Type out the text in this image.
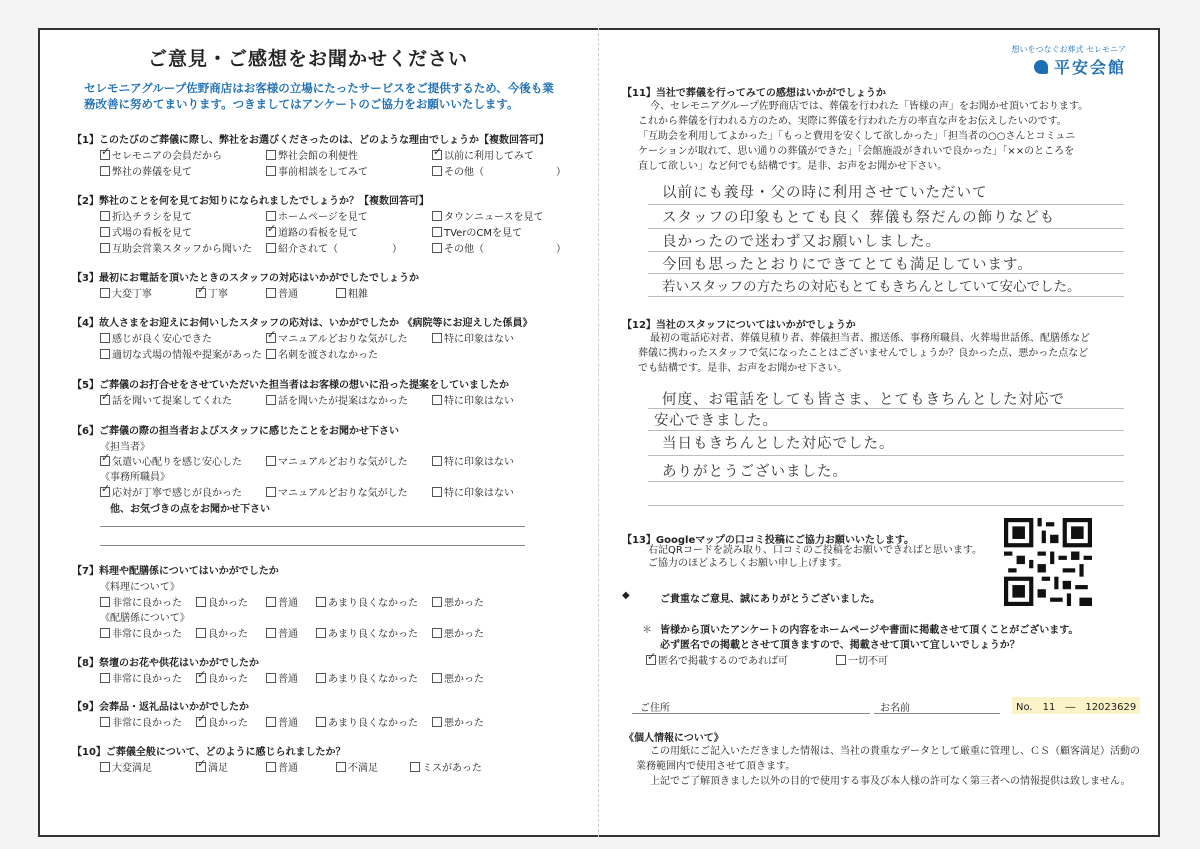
ご意見・ご感想をお聞かせください
セレモニアグループ佐野商店はお客様の立場にたったサービスをご提供するため、今後も業務改善に努めてまいります。つきましてはアンケートのご協力をお願いいたします。
【1】このたびのご葬儀に際し、弊社をお選びくださったのは、どのような理由でしょうか【複数回答可】
✓セレモニアの会員だから	弊社会館の利便性 ✓	以前に利用してみて
弊社の葬儀を見て	事前相談をしてみて	その他（	）
【2】弊社のことを何を見てお知りになられましたでしょうか？【複数回答可】
折込チラシを見て	ホームページを見て	タウンニュースを見て
式場の看板を見て ✓	道路の看板を見て	TVerのCMを見て
互助会営業スタッフから聞いた	紹介されて（	）	その他（	）
【3】最初にお電話を頂いたときのスタッフの対応はいかがでしたでしょうか
大変丁寧 ✓	丁寧	普通	粗雑
【4】故人さまをお迎えにお伺いしたスタッフの応対は、いかがでしたか 《病院等にお迎えした係員》
感じが良く安心できた ✓	マニュアルどおりな気がした	特に印象はない
適切な式場の情報や提案があった	名刺を渡されなかった
【5】ご葬儀のお打合せをさせていただいた担当者はお客様の想いに沿った提案をしていましたか
✓話を聞いて提案してくれた	話を聞いたが提案はなかった	特に印象はない
【6】ご葬儀の際の担当者およびスタッフに感じたことをお聞かせ下さい
《担当者》
✓気遣い心配りを感じ安心した	マニュアルどおりな気がした	特に印象はない
《事務所職員》
✓応対が丁寧で感じが良かった	マニュアルどおりな気がした	特に印象はない
他、お気づきの点をお聞かせ下さい
【7】料理や配膳係についてはいかがでしたか
《料理について》
非常に良かった	良かった	普通	あまり良くなかった	悪かった
《配膳係について》
非常に良かった	良かった	普通	あまり良くなかった	悪かった
【8】祭壇のお花や供花はいかがでしたか
非常に良かった ✓	良かった	普通	あまり良くなかった	悪かった
【9】会葬品・返礼品はいかがでしたか
非常に良かった ✓	良かった	普通	あまり良くなかった	悪かった
【10】ご葬儀全般について、どのように感じられましたか？
大変満足 ✓	満足	普通	不満足	ミスがあった
想いをつなぐお葬式 セレモニア
平安会館
【11】当社で葬儀を行ってみての感想はいかがでしょうか
今、セレモニアグループ佐野商店では、葬儀を行われた「皆様の声」をお聞かせ頂いております。
これから葬儀を行われる方のため、実際に葬儀を行われた方の率直な声をお伝えしたいのです。
「互助会を利用してよかった」「もっと費用を安くして欲しかった」「担当者の○○さんとコミュニ
ケーションが取れて、思い通りの葬儀ができた」「会館施設がきれいで良かった」「××のところを
直して欲しい」など何でも結構です。是非、お声をお聞かせ下さい。
以前にも義母・父の時に利用させていただいて
スタッフの印象もとても良く 葬儀も祭だんの飾りなども
良かったので迷わず又お願いしました。
今回も思ったとおりにできてとても満足しています。
若いスタッフの方たちの対応もとてもきちんとしていて安心でした。
【12】当社のスタッフについてはいかがでしょうか
最初の電話応対者、葬儀見積り者、葬儀担当者、搬送係、事務所職員、火葬場世話係、配膳係など
葬儀に携わったスタッフで気になったことはございませんでしょうか？良かった点、悪かった点など
でも結構です。是非、お声をお聞かせ下さい。
何度、お電話をしても皆さま、とてもきちんとした対応で
安心できました。
当日もきちんとした対応でした。
ありがとうございました。
【13】Googleマップの口コミ投稿にご協力お願いいたします。
右記QRコードを読み取り、口コミのご投稿をお願いできればと思います。
ご協力のほどよろしくお願い申し上げます。
◆	ご貴重なご意見、誠にありがとうございました。
＊ 皆様から頂いたアンケートの内容をホームページや書面に掲載させて頂くことがございます。
必ず匿名での掲載とさせて頂きますので、掲載させて頂いて宜しいでしょうか？
✓匿名で掲載するのであれば可	一切不可
ご住所	お名前	No.　11　―　12023629
《個人情報について》
この用紙にご記入いただきました情報は、当社の貴重なデータとして厳重に管理し、ＣＳ（顧客満足）活動の
業務範囲内で使用させて頂きます。
上記でご了解頂きました以外の目的で使用する事及び本人様の許可なく第三者への情報提供は致しません。
